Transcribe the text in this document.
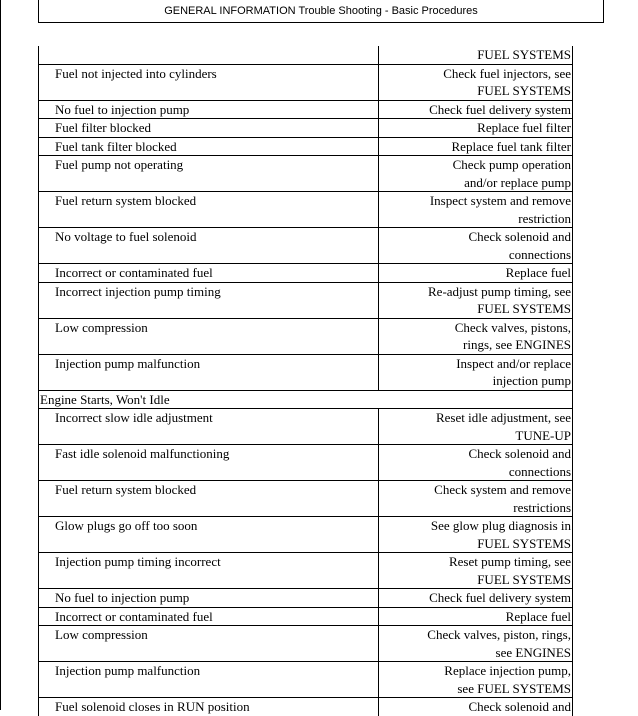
GENERAL INFORMATION Trouble Shooting - Basic Procedures
FUEL SYSTEMS
Fuel not injected into cylinders	Check fuel injectors, see
FUEL SYSTEMS
No fuel to injection pump	Check fuel delivery system
Fuel filter blocked	Replace fuel filter
Fuel tank filter blocked	Replace fuel tank filter
Fuel pump not operating	Check pump operation
and/or replace pump
Fuel return system blocked	Inspect system and remove
restriction
No voltage to fuel solenoid	Check solenoid and
connections
Incorrect or contaminated fuel	Replace fuel
Incorrect injection pump timing	Re-adjust pump timing, see
FUEL SYSTEMS
Low compression	Check valves, pistons,
rings, see ENGINES
Injection pump malfunction	Inspect and/or replace
injection pump
Engine Starts, Won't Idle
Incorrect slow idle adjustment	Reset idle adjustment, see
TUNE-UP
Fast idle solenoid malfunctioning	Check solenoid and
connections
Fuel return system blocked	Check system and remove
restrictions
Glow plugs go off too soon	See glow plug diagnosis in
FUEL SYSTEMS
Injection pump timing incorrect	Reset pump timing, see
FUEL SYSTEMS
No fuel to injection pump	Check fuel delivery system
Incorrect or contaminated fuel	Replace fuel
Low compression	Check valves, piston, rings,
see ENGINES
Injection pump malfunction	Replace injection pump,
see FUEL SYSTEMS
Fuel solenoid closes in RUN position	Check solenoid and
